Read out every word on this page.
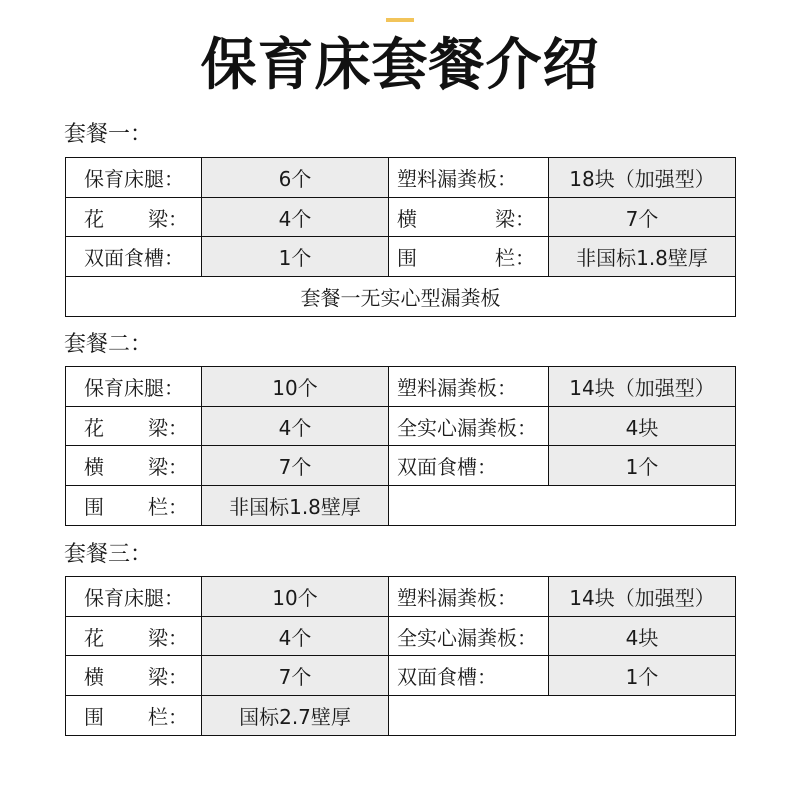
保育床套餐介绍
套餐一：
保育床腿：	6个	塑料漏粪板：	18块（加强型）

花 梁：	4个	横 梁：	7个
双面食槽：	1个	围 栏：	非国标1.8壁厚
套餐一无实心型漏粪板			
套餐二：
保育床腿：	10个	塑料漏粪板：	14块（加强型）

花 梁：	4个	全实心漏粪板：	4块

横 梁：	7个	双面食槽：	1个

围 栏：	非国标1.8壁厚		
套餐三：
保育床腿：	10个	塑料漏粪板：	14块（加强型）

花 梁：	4个	全实心漏粪板：	4块

横 梁：	7个	双面食槽：	1个

围 栏：	国标2.7壁厚		
